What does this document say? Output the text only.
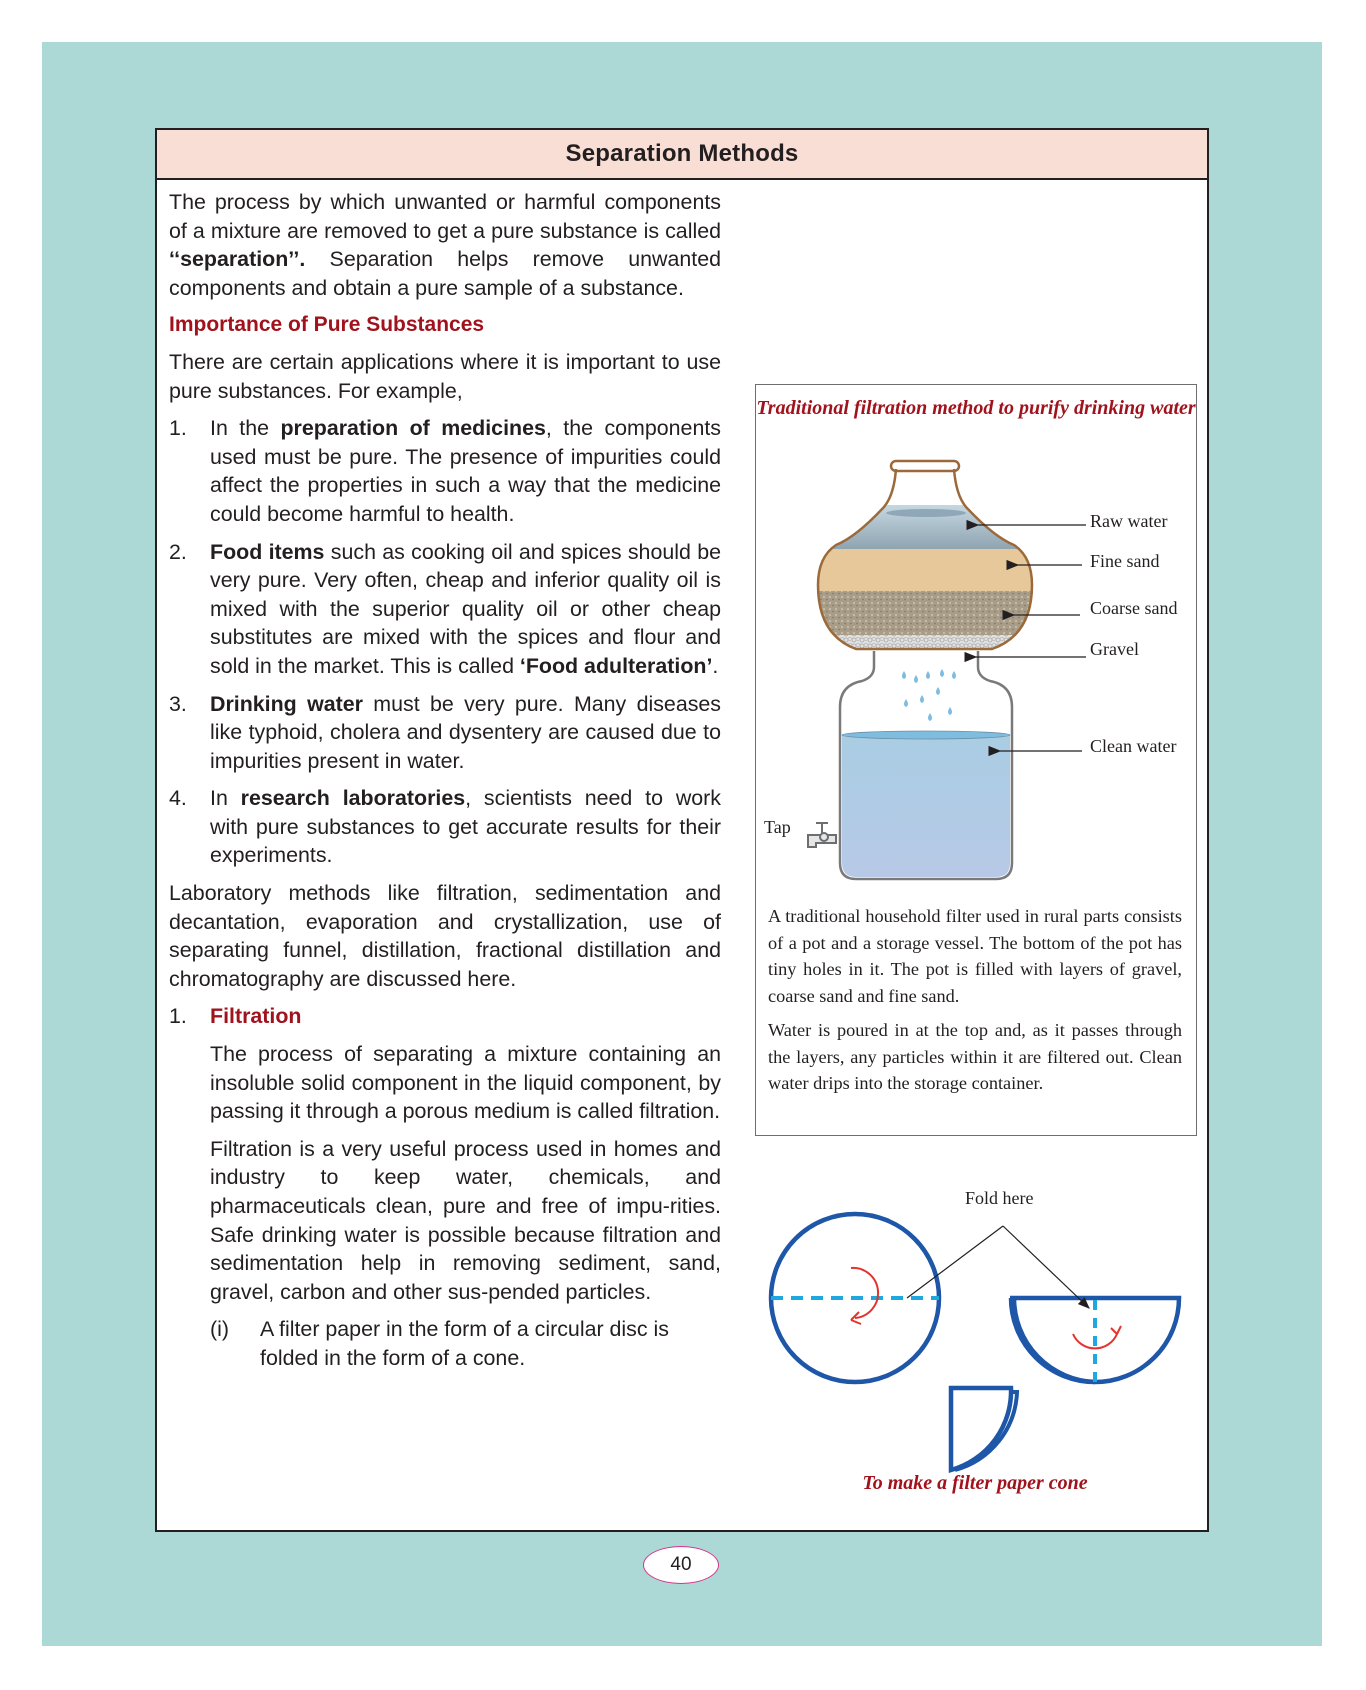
Separation Methods

The process by which unwanted or harmful components of a mixture are removed to get a pure substance is called ‘‘separation’’. Separation helps remove unwanted components and obtain a pure sample of a substance.

Importance of Pure Substances

There are certain applications where it is important to use pure substances. For example,

1.	In the preparation of medicines, the components used must be pure. The presence of impurities could affect the properties in such a way that the medicine could become harmful to health.
2.	Food items such as cooking oil and spices should be very pure. Very often, cheap and inferior quality oil is mixed with the superior quality oil or other cheap substitutes are mixed with the spices and flour and sold in the market. This is called ‘Food adulteration’.
3.	Drinking water must be very pure. Many diseases like typhoid, cholera and dysentery are caused due to impurities present in water.
4.	In research laboratories, scientists need to work with pure substances to get accurate results for their experiments.

Laboratory methods like filtration, sedimentation and decantation, evaporation and crystallization, use of separating funnel, distillation, fractional distillation and chromatography are discussed here.

1.	Filtration

The process of separating a mixture containing an insoluble solid component in the liquid component, by passing it through a porous medium is called filtration.

Filtration is a very useful process used in homes and industry to keep water, chemicals, and pharmaceuticals clean, pure and free of impu-rities. Safe drinking water is possible because filtration and sedimentation help in removing sediment, sand, gravel, carbon and other sus-pended particles.

(i)	A filter paper in the form of a circular disc is folded in the form of a cone.
Traditional filtration method to purify drinking water
Raw water
Fine sand
Coarse sand
Gravel
Clean water
Tap

A traditional household filter used in rural parts consists of a pot and a storage vessel. The bottom of the pot has tiny holes in it. The pot is filled with layers of gravel, coarse sand and fine sand.

Water is poured in at the top and, as it passes through the layers, any particles within it are filtered out. Clean water drips into the storage container.

Fold here
To make a filter paper cone
40
